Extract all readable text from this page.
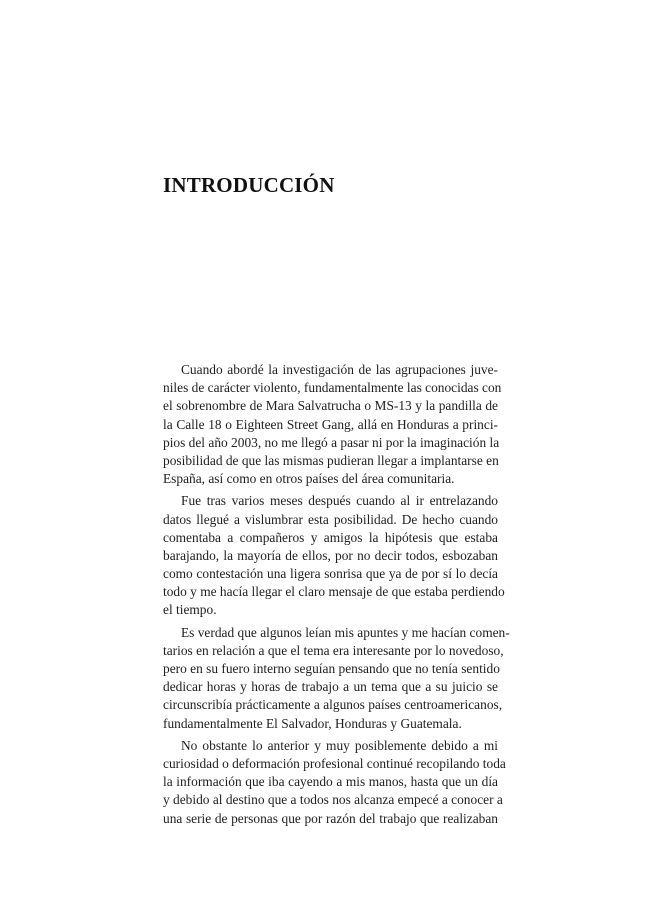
INTRODUCCIÓN
Cuando abordé la investigación de las agrupaciones juve-
niles de carácter violento, fundamentalmente las conocidas con
el sobrenombre de Mara Salvatrucha o MS-13 y la pandilla de
la Calle 18 o Eighteen Street Gang, allá en Honduras a princi-
pios del año 2003, no me llegó a pasar ni por la imaginación la
posibilidad de que las mismas pudieran llegar a implantarse en
España, así como en otros países del área comunitaria.
Fue tras varios meses después cuando al ir entrelazando
datos llegué a vislumbrar esta posibilidad. De hecho cuando
comentaba a compañeros y amigos la hipótesis que estaba
barajando, la mayoría de ellos, por no decir todos, esbozaban
como contestación una ligera sonrisa que ya de por sí lo decía
todo y me hacía llegar el claro mensaje de que estaba perdiendo
el tiempo.
Es verdad que algunos leían mis apuntes y me hacían comen-
tarios en relación a que el tema era interesante por lo novedoso,
pero en su fuero interno seguían pensando que no tenía sentido
dedicar horas y horas de trabajo a un tema que a su juicio se
circunscribía prácticamente a algunos países centroamericanos,
fundamentalmente El Salvador, Honduras y Guatemala.
No obstante lo anterior y muy posiblemente debido a mi
curiosidad o deformación profesional continué recopilando toda
la información que iba cayendo a mis manos, hasta que un día
y debido al destino que a todos nos alcanza empecé a conocer a
una serie de personas que por razón del trabajo que realizaban
